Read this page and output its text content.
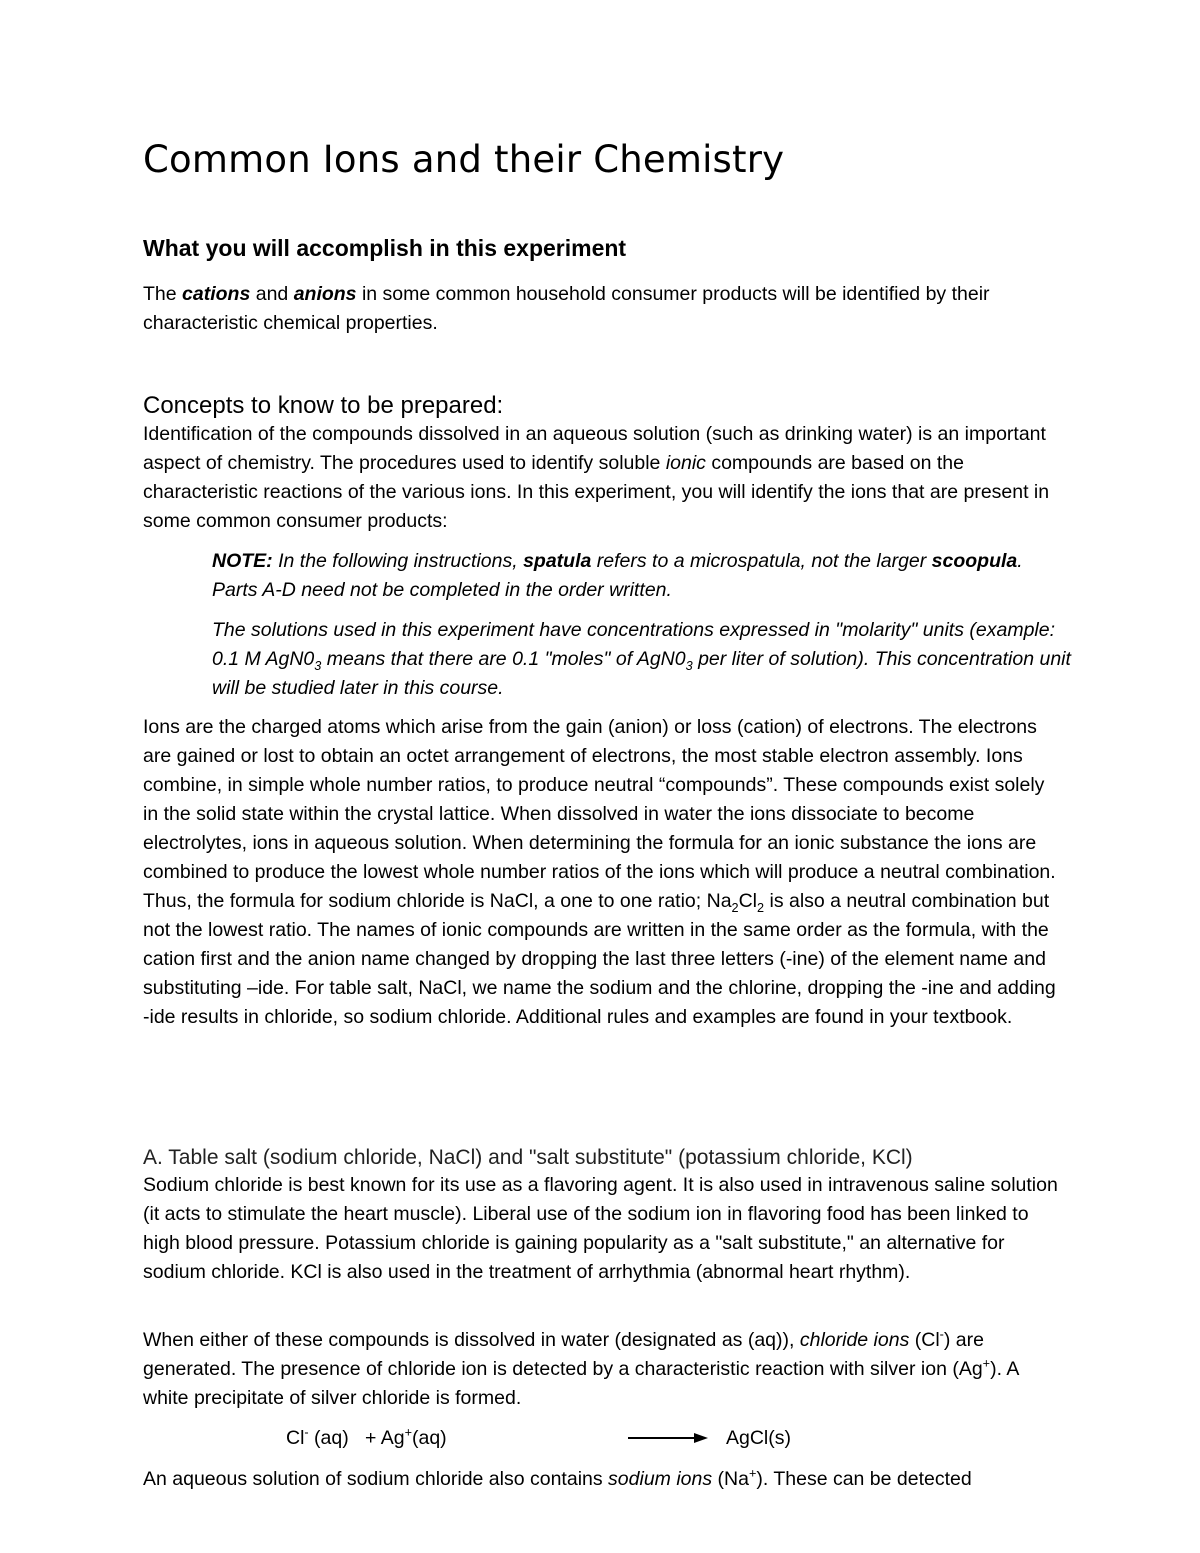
Common Ions and their Chemistry
What you will accomplish in this experiment

The cations and anions in some common household consumer products will be identified by their characteristic chemical properties.

Concepts to know to be prepared:

Identification of the compounds dissolved in an aqueous solution (such as drinking water) is an important aspect of chemistry. The procedures used to identify soluble ionic compounds are based on the characteristic reactions of the various ions. In this experiment, you will identify the ions that are present in some common consumer products:

NOTE: In the following instructions, spatula refers to a microspatula, not the larger scoopula. Parts A-D need not be completed in the order written.

The solutions used in this experiment have concentrations expressed in "molarity" units (example: 0.1 M $AgN0_3$ means that there are 0.1 "moles" of $AgN0_3$ per liter of solution). This concentration unit will be studied later in this course.

Ions are the charged atoms which arise from the gain (anion) or loss (cation) of electrons. The electrons are gained or lost to obtain an octet arrangement of electrons, the most stable electron assembly. Ions combine, in simple whole number ratios, to produce neutral “compounds”. These compounds exist solely in the solid state within the crystal lattice. When dissolved in water the ions dissociate to become electrolytes, ions in aqueous solution. When determining the formula for an ionic substance the ions are combined to produce the lowest whole number ratios of the ions which will produce a neutral combination. Thus, the formula for sodium chloride is NaCl, a one to one ratio; $Na_2Cl_2$ is also a neutral combination but not the lowest ratio. The names of ionic compounds are written in the same order as the formula, with the cation first and the anion name changed by dropping the last three letters (-ine) of the element name and substituting –ide. For table salt, NaCl, we name the sodium and the chlorine, dropping the -ine and adding -ide results in chloride, so sodium chloride. Additional rules and examples are found in your textbook.

A. Table salt (sodium chloride, NaCl) and "salt substitute" (potassium chloride, KCl)

Sodium chloride is best known for its use as a flavoring agent. It is also used in intravenous saline solution (it acts to stimulate the heart muscle). Liberal use of the sodium ion in flavoring food has been linked to high blood pressure. Potassium chloride is gaining popularity as a "salt substitute," an alternative for sodium chloride. KCl is also used in the treatment of arrhythmia (abnormal heart rhythm).

When either of these compounds is dissolved in water (designated as (aq)), chloride ions (Cl-) are generated. The presence of chloride ion is detected by a characteristic reaction with silver ion (Ag+). A white precipitate of silver chloride is formed.

Cl- (aq)   + Ag+(aq)	AgCl(s)

An aqueous solution of sodium chloride also contains sodium ions (Na+). These can be detected
